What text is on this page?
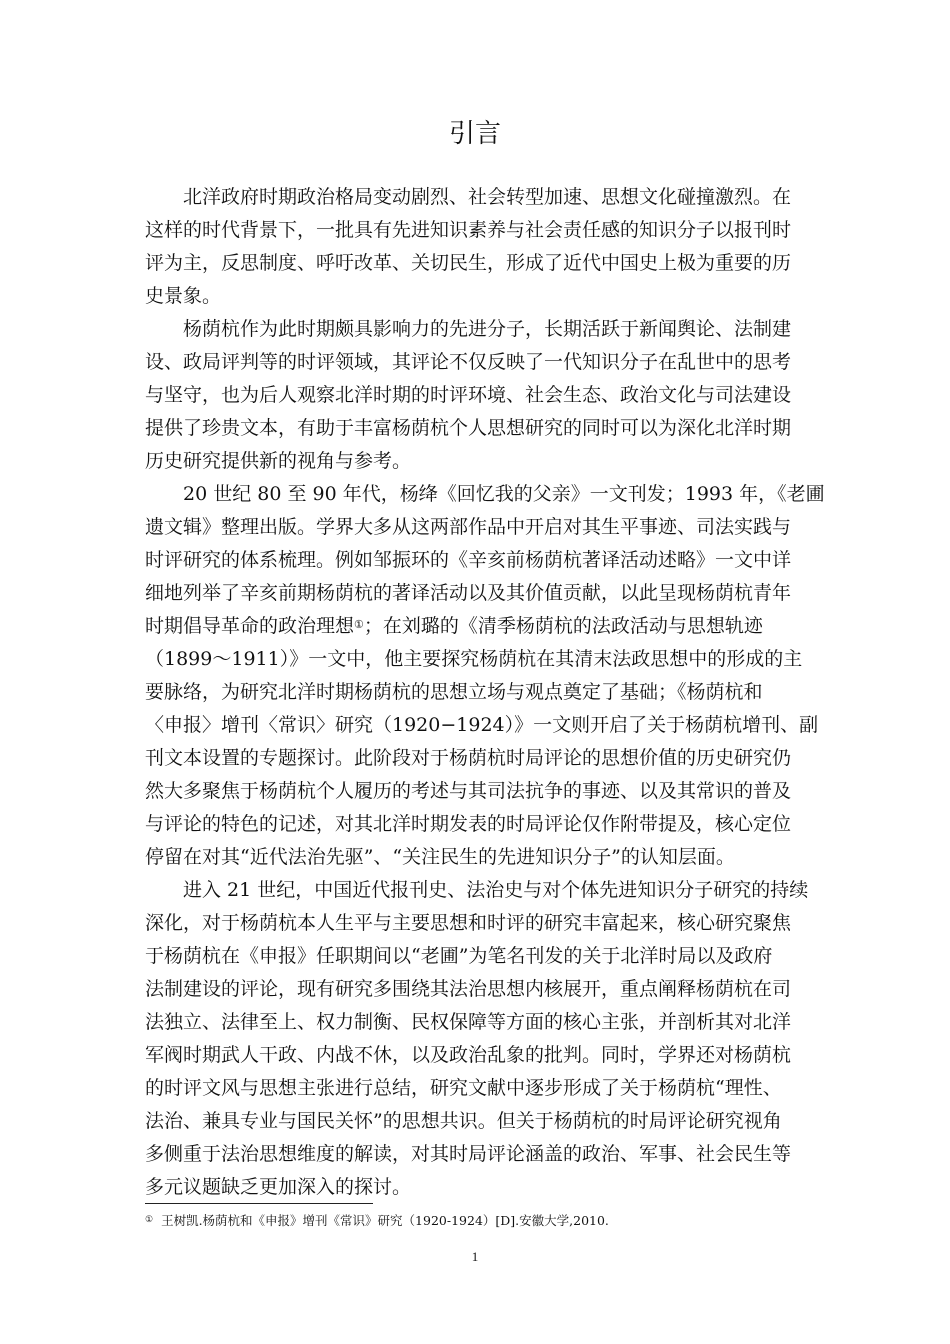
引言
北洋政府时期政治格局变动剧烈、社会转型加速、思想文化碰撞激烈。在
这样的时代背景下，一批具有先进知识素养与社会责任感的知识分子以报刊时
评为主，反思制度、呼吁改革、关切民生，形成了近代中国史上极为重要的历
史景象。
杨荫杭作为此时期颇具影响力的先进分子，长期活跃于新闻舆论、法制建
设、政局评判等的时评领域，其评论不仅反映了一代知识分子在乱世中的思考
与坚守，也为后人观察北洋时期的时评环境、社会生态、政治文化与司法建设
提供了珍贵文本，有助于丰富杨荫杭个人思想研究的同时可以为深化北洋时期
历史研究提供新的视角与参考。
20 世纪 80 至 90 年代，杨绛《回忆我的父亲》一文刊发；1993 年，《老圃
遗文辑》整理出版。学界大多从这两部作品中开启对其生平事迹、司法实践与
时评研究的体系梳理。例如邹振环的《辛亥前杨荫杭著译活动述略》一文中详
细地列举了辛亥前期杨荫杭的著译活动以及其价值贡献，以此呈现杨荫杭青年
时期倡导革命的政治理想①；在刘璐的《清季杨荫杭的法政活动与思想轨迹
（1899～1911）》一文中，他主要探究杨荫杭在其清末法政思想中的形成的主
要脉络，为研究北洋时期杨荫杭的思想立场与观点奠定了基础；《杨荫杭和
〈申报〉增刊〈常识〉研究（1920−1924）》一文则开启了关于杨荫杭增刊、副
刊文本设置的专题探讨。此阶段对于杨荫杭时局评论的思想价值的历史研究仍
然大多聚焦于杨荫杭个人履历的考述与其司法抗争的事迹、以及其常识的普及
与评论的特色的记述，对其北洋时期发表的时局评论仅作附带提及，核心定位
停留在对其“近代法治先驱”、“关注民生的先进知识分子”的认知层面。
进入 21 世纪，中国近代报刊史、法治史与对个体先进知识分子研究的持续
深化，对于杨荫杭本人生平与主要思想和时评的研究丰富起来，核心研究聚焦
于杨荫杭在《申报》任职期间以“老圃”为笔名刊发的关于北洋时局以及政府
法制建设的评论，现有研究多围绕其法治思想内核展开，重点阐释杨荫杭在司
法独立、法律至上、权力制衡、民权保障等方面的核心主张，并剖析其对北洋
军阀时期武人干政、内战不休，以及政治乱象的批判。同时，学界还对杨荫杭
的时评文风与思想主张进行总结，研究文献中逐步形成了关于杨荫杭“理性、
法治、兼具专业与国民关怀”的思想共识。但关于杨荫杭的时局评论研究视角
多侧重于法治思想维度的解读，对其时局评论涵盖的政治、军事、社会民生等
多元议题缺乏更加深入的探讨。
① 王树凯.杨荫杭和《申报》增刊《常识》研究（1920-1924）[D].安徽大学,2010.
1
